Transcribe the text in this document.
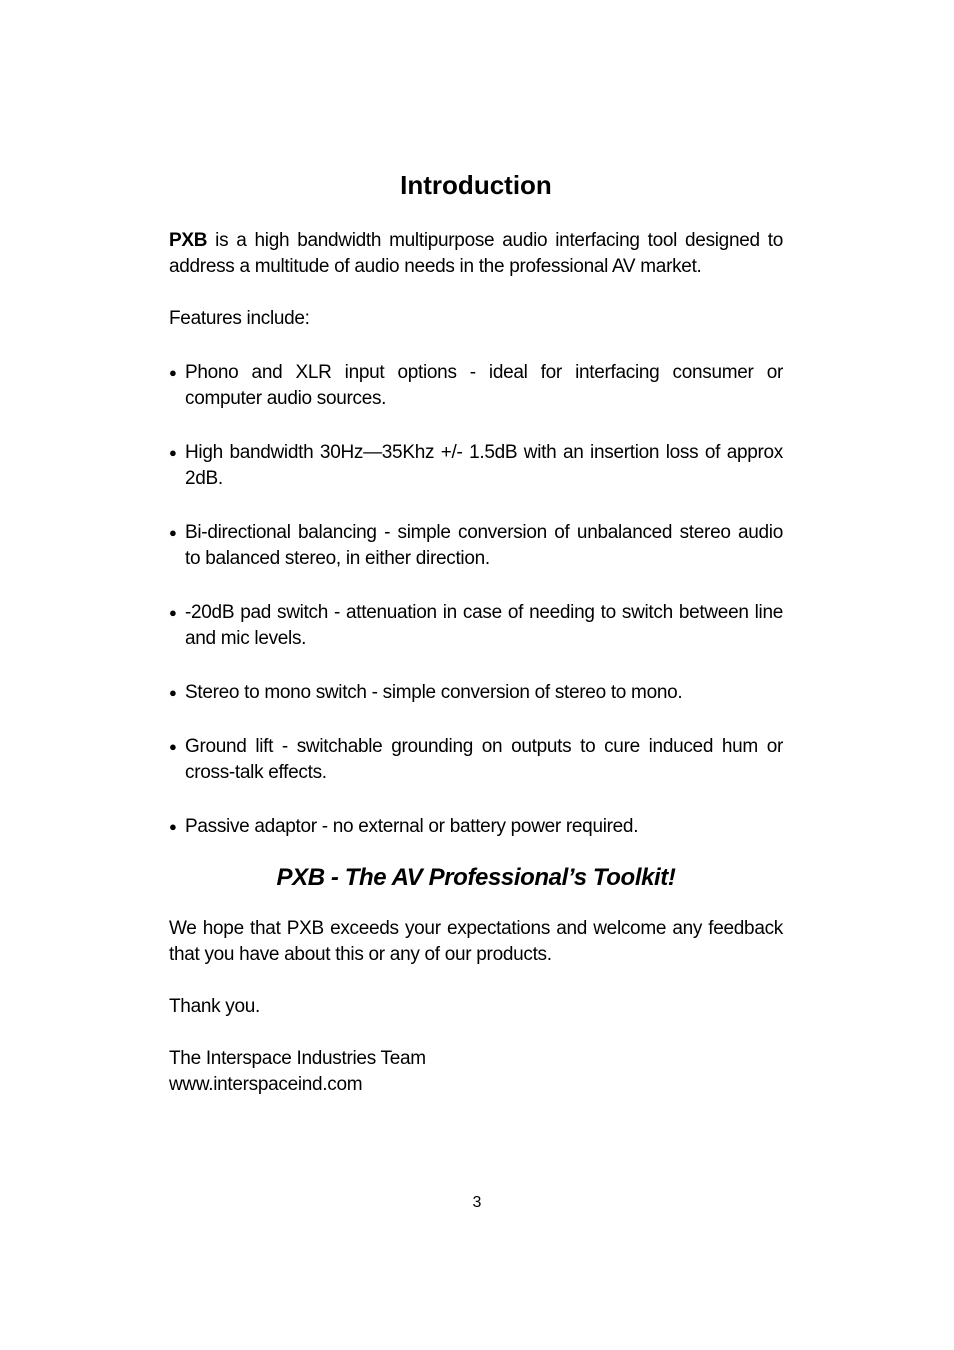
Introduction

PXB is a high bandwidth multipurpose audio interfacing tool designed to address a multitude of audio needs in the professional AV market.

Features include:

● Phono and XLR input options - ideal for interfacing consumer or computer audio sources.
● High bandwidth 30Hz—35Khz +/- 1.5dB with an insertion loss of approx 2dB.
● Bi-directional balancing - simple conversion of unbalanced stereo audio to balanced stereo, in either direction.
● -20dB pad switch - attenuation in case of needing to switch between line and mic levels.
● Stereo to mono switch - simple conversion of stereo to mono.
● Ground lift - switchable grounding on outputs to cure induced hum or cross-talk effects.
● Passive adaptor - no external or battery power required.
PXB - The AV Professional’s Toolkit!

We hope that PXB exceeds your expectations and welcome any feedback that you have about this or any of our products.

Thank you.

The Interspace Industries Team
www.interspaceind.com

3
